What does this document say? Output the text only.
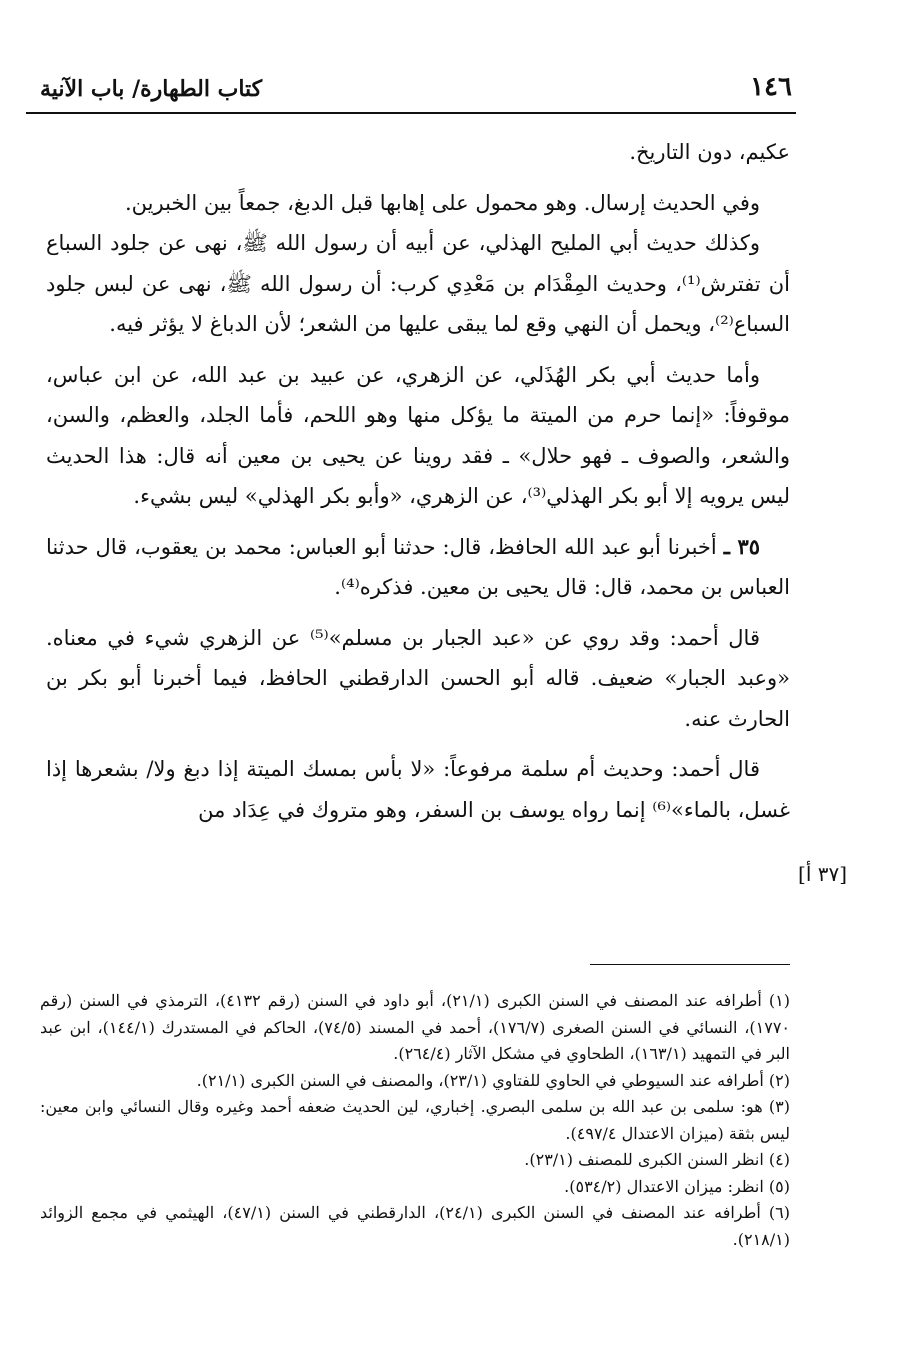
١٤٦
كتاب الطهارة/ باب الآنية

عكيم، دون التاريخ.

وفي الحديث إرسال. وهو محمول على إهابها قبل الدبغ، جمعاً بين الخبرين.

وكذلك حديث أبي المليح الهذلي، عن أبيه أن رسول الله ﷺ، نهى عن جلود السباع أن تفترش⁽¹⁾، وحديث المِقْدَام بن مَعْدِي كرب: أن رسول الله ﷺ، نهى عن لبس جلود السباع⁽²⁾، ويحمل أن النهي وقع لما يبقى عليها من الشعر؛ لأن الدباغ لا يؤثر فيه.

وأما حديث أبي بكر الهُذَلي، عن الزهري، عن عبيد بن عبد الله، عن ابن عباس، موقوفاً: «إنما حرم من الميتة ما يؤكل منها وهو اللحم، فأما الجلد، والعظم، والسن، والشعر، والصوف ـ فهو حلال» ـ فقد روينا عن يحيى بن معين أنه قال: هذا الحديث ليس يرويه إلا أبو بكر الهذلي⁽³⁾، عن الزهري، «وأبو بكر الهذلي» ليس بشيء.

٣٥ ـ أخبرنا أبو عبد الله الحافظ، قال: حدثنا أبو العباس: محمد بن يعقوب، قال حدثنا العباس بن محمد، قال: قال يحيى بن معين. فذكره⁽⁴⁾.

قال أحمد: وقد روي عن «عبد الجبار بن مسلم»⁽⁵⁾ عن الزهري شيء في معناه. «وعبد الجبار» ضعيف. قاله أبو الحسن الدارقطني الحافظ، فيما أخبرنا أبو بكر بن الحارث عنه.

قال أحمد: وحديث أم سلمة مرفوعاً: «لا بأس بمسك الميتة إذا دبغ ولا/ بشعرها إذا غسل، بالماء»⁽⁶⁾ إنما رواه يوسف بن السفر، وهو متروك في عِدَاد من

[٣٧ أ]

(١) أطرافه عند المصنف في السنن الكبرى (٢١/١)، أبو داود في السنن (رقم ٤١٣٢)، الترمذي في السنن (رقم ١٧٧٠)، النسائي في السنن الصغرى (١٧٦/٧)، أحمد في المسند (٧٤/٥)، الحاكم في المستدرك (١٤٤/١)، ابن عبد البر في التمهيد (١٦٣/١)، الطحاوي في مشكل الآثار (٢٦٤/٤).

(٢) أطرافه عند السيوطي في الحاوي للفتاوي (٢٣/١)، والمصنف في السنن الكبرى (٢١/١).

(٣) هو: سلمى بن عبد الله بن سلمى البصري. إخباري، لين الحديث ضعفه أحمد وغيره وقال النسائي وابن معين: ليس بثقة (ميزان الاعتدال ٤٩٧/٤).

(٤) انظر السنن الكبرى للمصنف (٢٣/١).

(٥) انظر: ميزان الاعتدال (٥٣٤/٢).

(٦) أطرافه عند المصنف في السنن الكبرى (٢٤/١)، الدارقطني في السنن (٤٧/١)، الهيثمي في مجمع الزوائد (٢١٨/١).
